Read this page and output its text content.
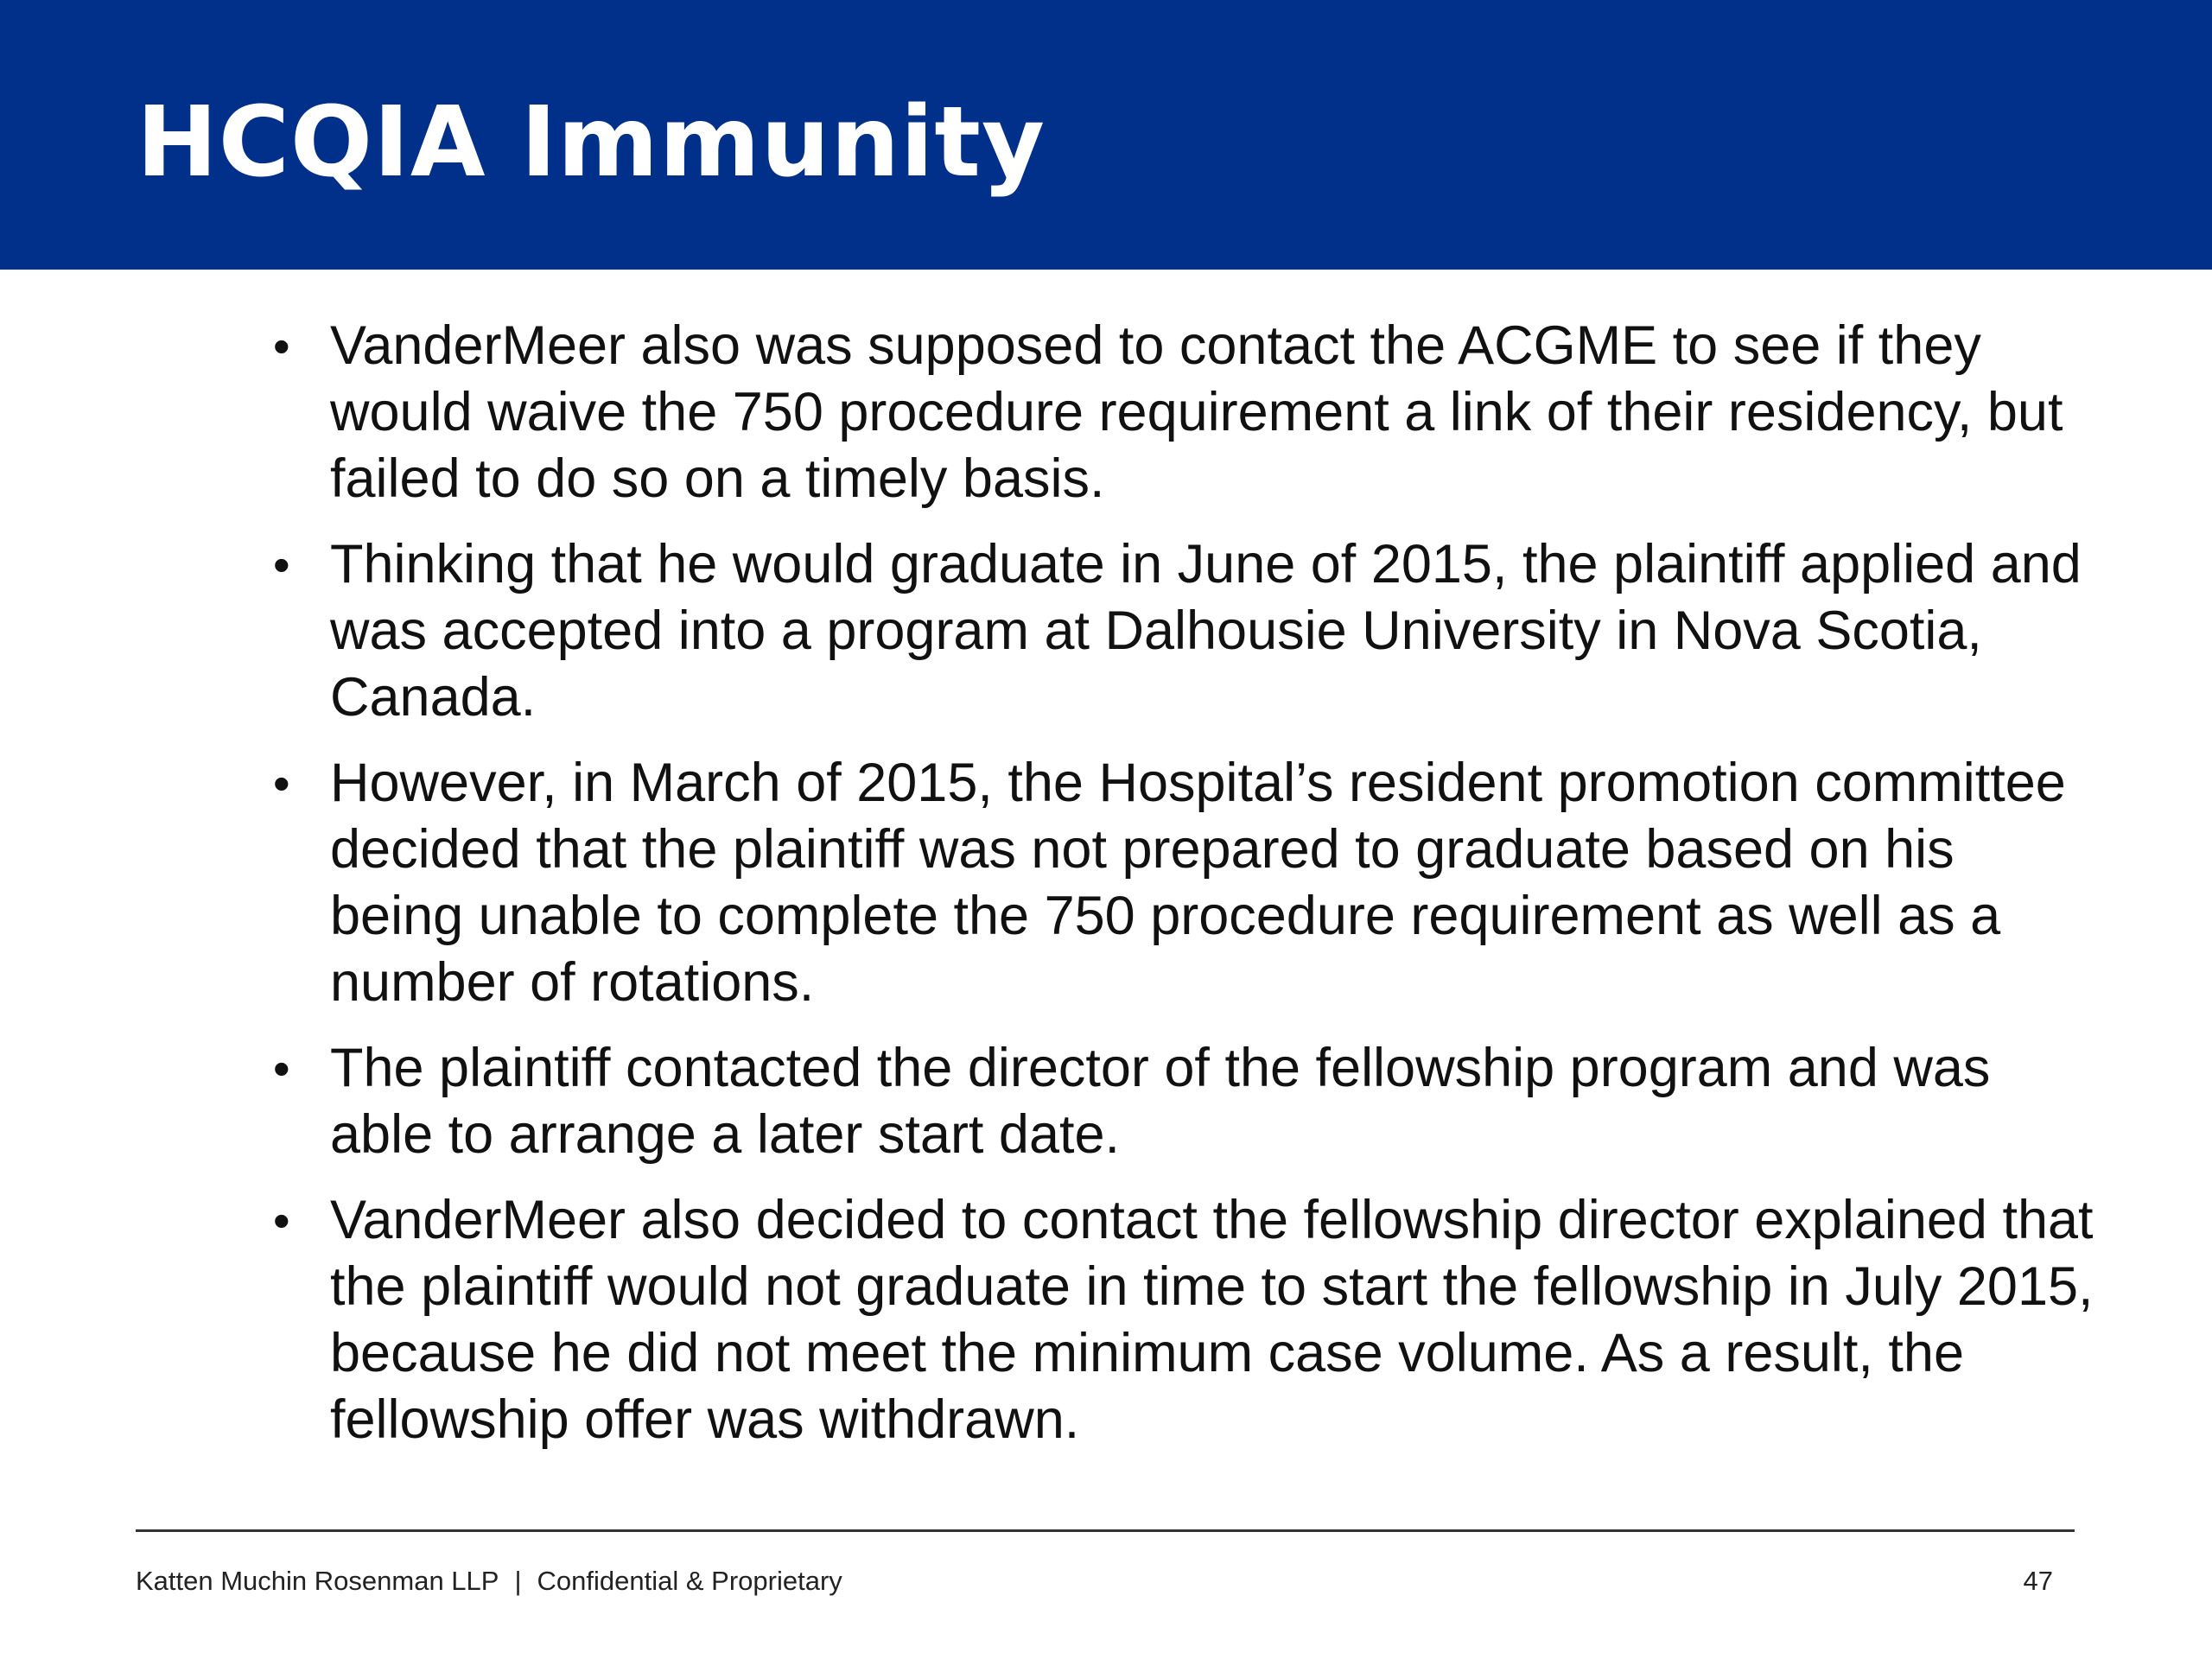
HCQIA Immunity
• VanderMeer also was supposed to contact the ACGME to see if they would waive the 750 procedure requirement a link of their residency, but failed to do so on a timely basis.
• Thinking that he would graduate in June of 2015, the plaintiff applied and was accepted into a program at Dalhousie University in Nova Scotia, Canada.
• However, in March of 2015, the Hospital’s resident promotion committee decided that the plaintiff was not prepared to graduate based on his being unable to complete the 750 procedure requirement as well as a number of rotations.
• The plaintiff contacted the director of the fellowship program and was able to arrange a later start date.
• VanderMeer also decided to contact the fellowship director explained that the plaintiff would not graduate in time to start the fellowship in July 2015, because he did not meet the minimum case volume. As a result, the fellowship offer was withdrawn.
Katten Muchin Rosenman LLP | Confidential & Proprietary	47
